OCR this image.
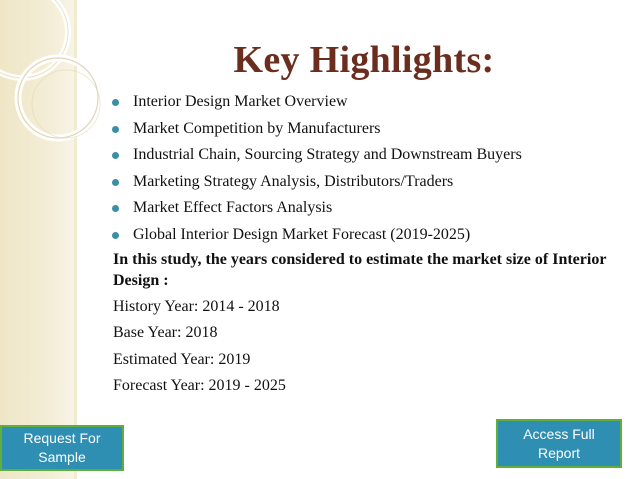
Key Highlights:
Interior Design Market Overview
Market Competition by Manufacturers
Industrial Chain, Sourcing Strategy and Downstream Buyers
Marketing Strategy Analysis, Distributors/Traders
Market Effect Factors Analysis
Global Interior Design Market Forecast (2019-2025)
In this study, the years considered to estimate the market size of Interior Design :
History Year: 2014 - 2018
Base Year: 2018
Estimated Year: 2019
Forecast Year: 2019 - 2025
Request For Sample
Access Full Report
